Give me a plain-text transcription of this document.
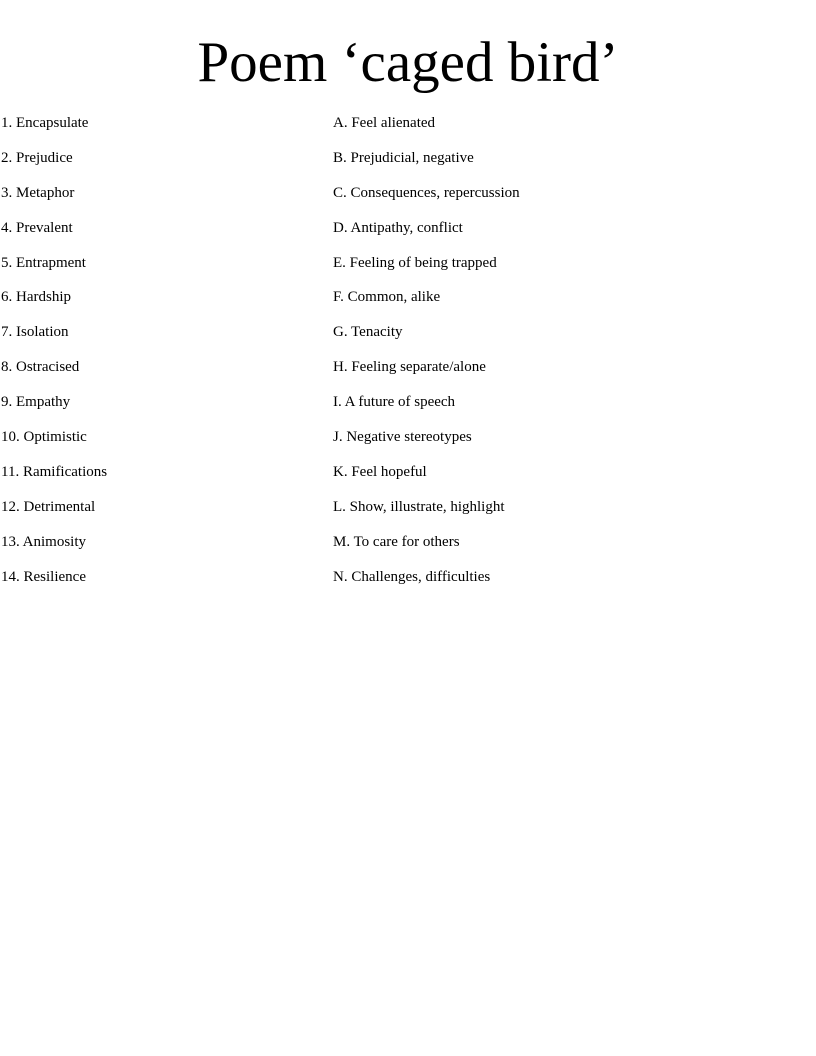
Poem ‘caged bird’
1. Encapsulate	A. Feel alienated
2. Prejudice	B. Prejudicial, negative
3. Metaphor	C. Consequences, repercussion
4. Prevalent	D. Antipathy, conflict
5. Entrapment	E. Feeling of being trapped
6. Hardship	F. Common, alike
7. Isolation	G. Tenacity
8. Ostracised	H. Feeling separate/alone
9. Empathy	I. A future of speech
10. Optimistic	J. Negative stereotypes
11. Ramifications	K. Feel hopeful
12. Detrimental	L. Show, illustrate, highlight
13. Animosity	M. To care for others
14. Resilience	N. Challenges, difficulties
